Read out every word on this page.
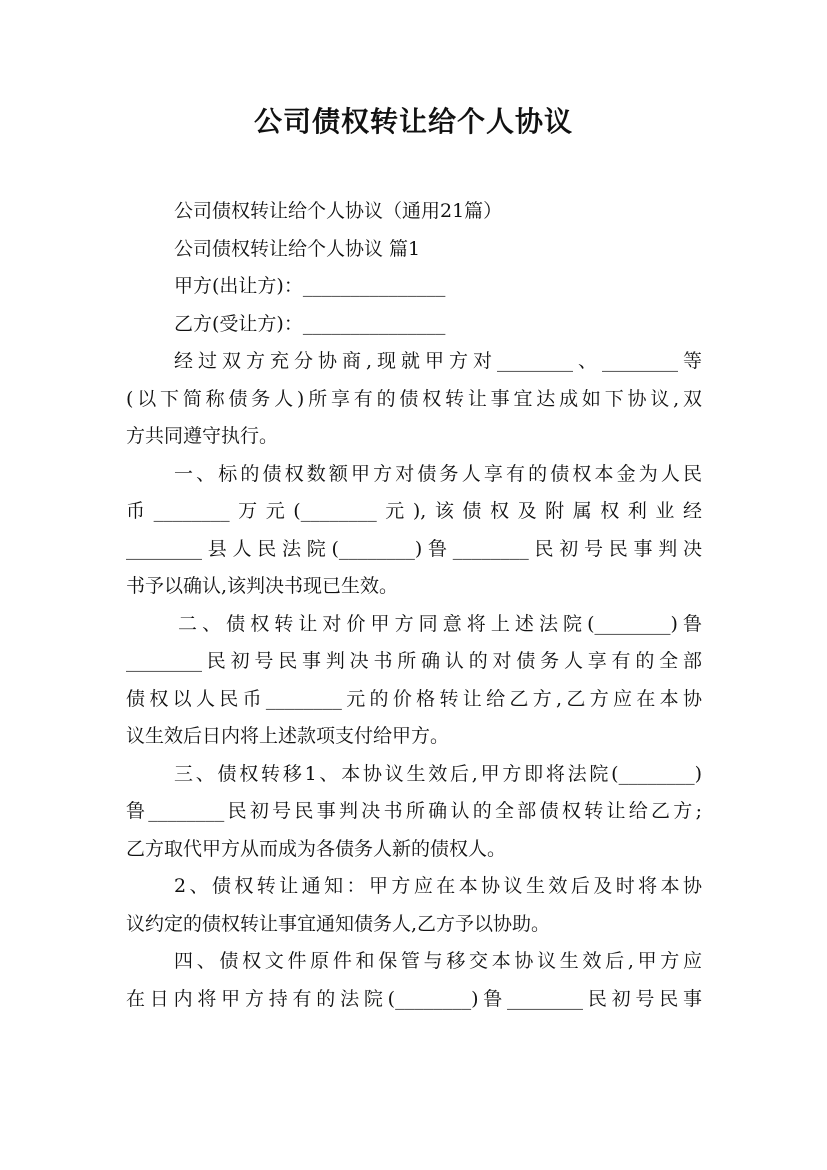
公司债权转让给个人协议
公司债权转让给个人协议（通用21篇）
公司债权转让给个人协议 篇1
甲方(出让方)：_______________
乙方(受让方)：_______________
经过双方充分协商,现就甲方对________、________等
(以下简称债务人)所享有的债权转让事宜达成如下协议,双
方共同遵守执行。
一、标的债权数额甲方对债务人享有的债权本金为人民
币________万元(________元),该债权及附属权利业经
________县人民法院(________)鲁________民初号民事判决
书予以确认,该判决书现已生效。
二、债权转让对价甲方同意将上述法院(________)鲁
________民初号民事判决书所确认的对债务人享有的全部
债权以人民币________元的价格转让给乙方,乙方应在本协
议生效后日内将上述款项支付给甲方。
三、债权转移1、本协议生效后,甲方即将法院(________)
鲁________民初号民事判决书所确认的全部债权转让给乙方;
乙方取代甲方从而成为各债务人新的债权人。
2、债权转让通知：甲方应在本协议生效后及时将本协
议约定的债权转让事宜通知债务人,乙方予以协助。
四、债权文件原件和保管与移交本协议生效后,甲方应
在日内将甲方持有的法院(________)鲁________民初号民事
